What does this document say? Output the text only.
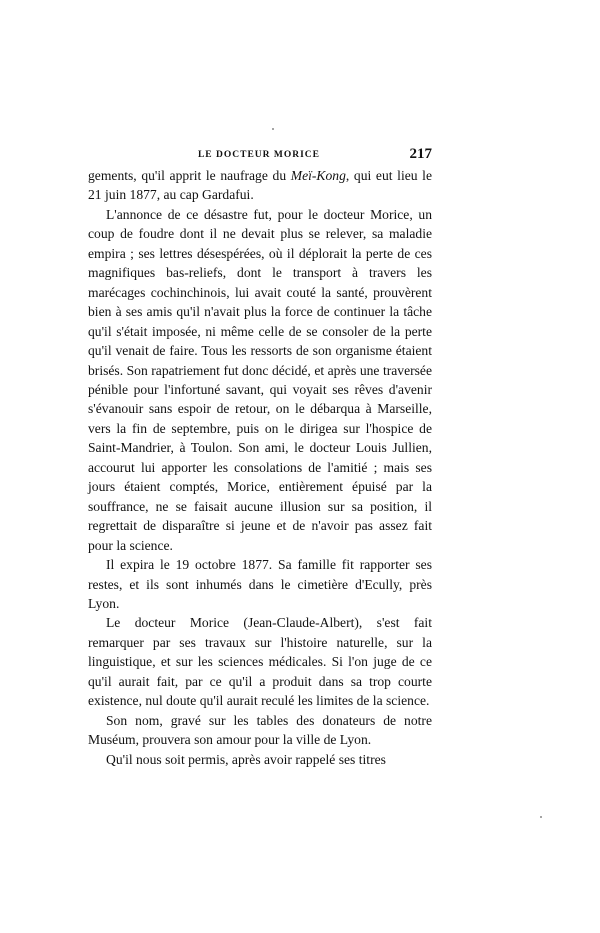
LE DOCTEUR MORICE	217

gements, qu'il apprit le naufrage du Meï-Kong, qui eut lieu le 21 juin 1877, au cap Gardafui.

L'annonce de ce désastre fut, pour le docteur Morice, un coup de foudre dont il ne devait plus se relever, sa maladie empira ; ses lettres désespérées, où il déplorait la perte de ces magnifiques bas-reliefs, dont le transport à travers les marécages cochinchinois, lui avait couté la santé, prouvèrent bien à ses amis qu'il n'avait plus la force de continuer la tâche qu'il s'était imposée, ni même celle de se consoler de la perte qu'il venait de faire. Tous les ressorts de son organisme étaient brisés. Son rapatriement fut donc décidé, et après une traversée pénible pour l'infortuné savant, qui voyait ses rêves d'avenir s'évanouir sans espoir de retour, on le débarqua à Marseille, vers la fin de septembre, puis on le dirigea sur l'hospice de Saint-Mandrier, à Toulon. Son ami, le docteur Louis Jullien, accourut lui apporter les consolations de l'amitié ; mais ses jours étaient comptés, Morice, entièrement épuisé par la souffrance, ne se faisait aucune illusion sur sa position, il regrettait de disparaître si jeune et de n'avoir pas assez fait pour la science.

Il expira le 19 octobre 1877. Sa famille fit rapporter ses restes, et ils sont inhumés dans le cimetière d'Ecully, près Lyon.

Le docteur Morice (Jean-Claude-Albert), s'est fait remarquer par ses travaux sur l'histoire naturelle, sur la linguistique, et sur les sciences médicales. Si l'on juge de ce qu'il aurait fait, par ce qu'il a produit dans sa trop courte existence, nul doute qu'il aurait reculé les limites de la science.

Son nom, gravé sur les tables des donateurs de notre Muséum, prouvera son amour pour la ville de Lyon.

Qu'il nous soit permis, après avoir rappelé ses titres
